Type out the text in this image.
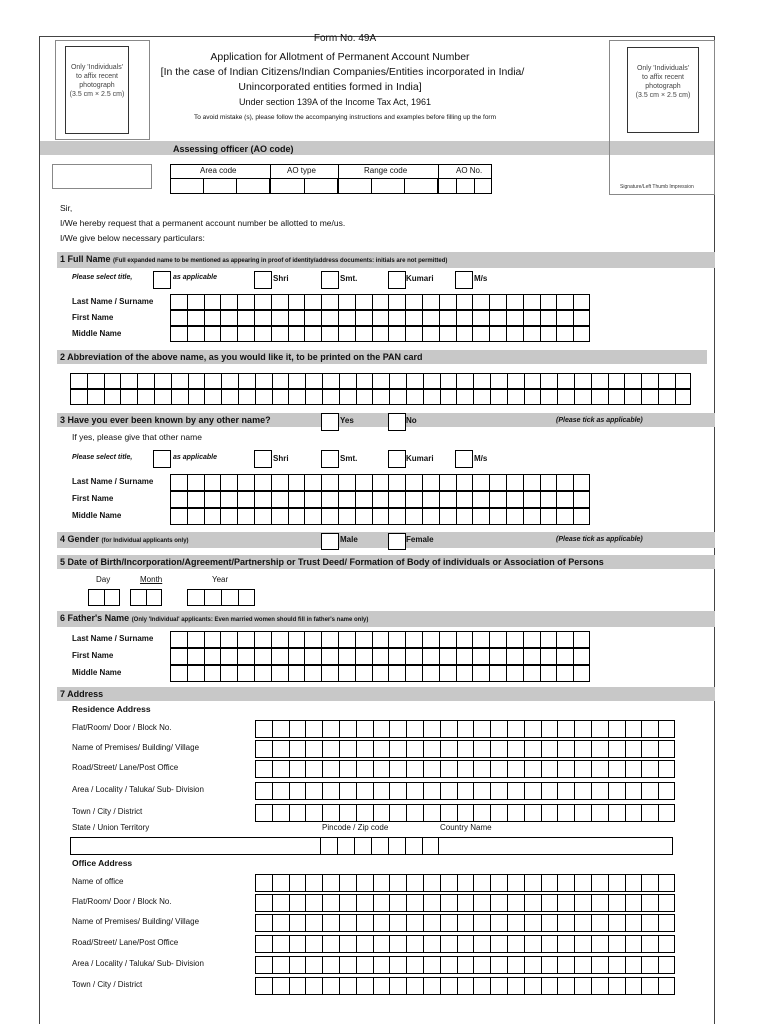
Form No. 49A
Application for Allotment of Permanent Account Number
[In the case of Indian Citizens/Indian Companies/Entities incorporated in India/
Unincorporated entities formed in India]
Under section 139A of the Income Tax Act, 1961
To avoid mistake (s), please follow the accompanying instructions and examples before filling up the form
Only 'Individuals'
to affix recent
photograph
(3.5 cm × 2.5 cm)
Only 'Individuals'
to affix recent
photograph
(3.5 cm × 2.5 cm)
Signature/Left Thumb Impression
Assessing officer (AO code)
Area code	AO type	Range code	AO No.
Sir,
I/We hereby request that a permanent account number be allotted to me/us.
I/We give below necessary particulars:
1 Full Name (Full expanded name to be mentioned as appearing in proof of identity/address documents: initials are not permitted)
Please select title,	as applicable	Shri	Smt.	Kumari	M/s
Last Name / Surname
First Name
Middle Name
2 Abbreviation of the above name, as you would like it, to be printed on the PAN card
3 Have you ever been known by any other name?	Yes	No	(Please tick as applicable)
If yes, please give that other name
Please select title,	as applicable	Shri	Smt.	Kumari	M/s
Last Name / Surname
First Name
Middle Name
4 Gender (for Individual applicants only)	Male	Female	(Please tick as applicable)
5 Date of Birth/Incorporation/Agreement/Partnership or Trust Deed/ Formation of Body of individuals or Association of Persons
Day	Month	Year
6 Father's Name (Only 'Individual' applicants: Even married women should fill in father's name only)
Last Name / Surname
First Name
Middle Name
7 Address
Residence Address
Flat/Room/ Door / Block No.
Name of Premises/ Building/ Village
Road/Street/ Lane/Post Office
Area / Locality / Taluka/ Sub- Division
Town / City / District
State / Union Territory	Pincode / Zip code	Country Name
Office Address
Name of office
Flat/Room/ Door / Block No.
Name of Premises/ Building/ Village
Road/Street/ Lane/Post Office
Area / Locality / Taluka/ Sub- Division
Town / City / District
